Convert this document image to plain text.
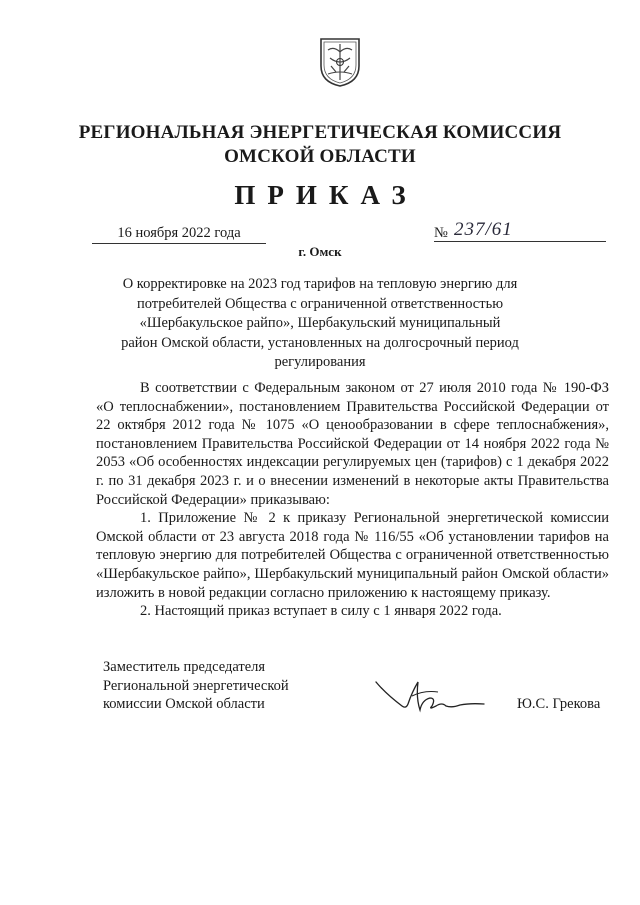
РЕГИОНАЛЬНАЯ ЭНЕРГЕТИЧЕСКАЯ КОМИССИЯ
ОМСКОЙ ОБЛАСТИ
ПРИКАЗ
16 ноября 2022 года	№ 237/61
г. Омск
О корректировке на 2023 год тарифов на тепловую энергию для потребителей Общества с ограниченной ответственностью «Шербакульское райпо», Шербакульский муниципальный район Омской области, установленных на долгосрочный период регулирования

В соответствии с Федеральным законом от 27 июля 2010 года № 190-ФЗ «О теплоснабжении», постановлением Правительства Российской Федерации от 22 октября 2012 года № 1075 «О ценообразовании в сфере теплоснабжения», постановлением Правительства Российской Федерации от 14 ноября 2022 года № 2053 «Об особенностях индексации регулируемых цен (тарифов) с 1 декабря 2022 г. по 31 декабря 2023 г. и о внесении изменений в некоторые акты Правительства Российской Федерации» приказываю:

1. Приложение № 2 к приказу Региональной энергетической комиссии Омской области от 23 августа 2018 года № 116/55 «Об установлении тарифов на тепловую энергию для потребителей Общества с ограниченной ответственностью «Шербакульское райпо», Шербакульский муниципальный район Омской области» изложить в новой редакции согласно приложению к настоящему приказу.

2. Настоящий приказ вступает в силу с 1 января 2022 года.

Заместитель председателя
Региональной энергетической
комиссии Омской области	Ю.С. Грекова
